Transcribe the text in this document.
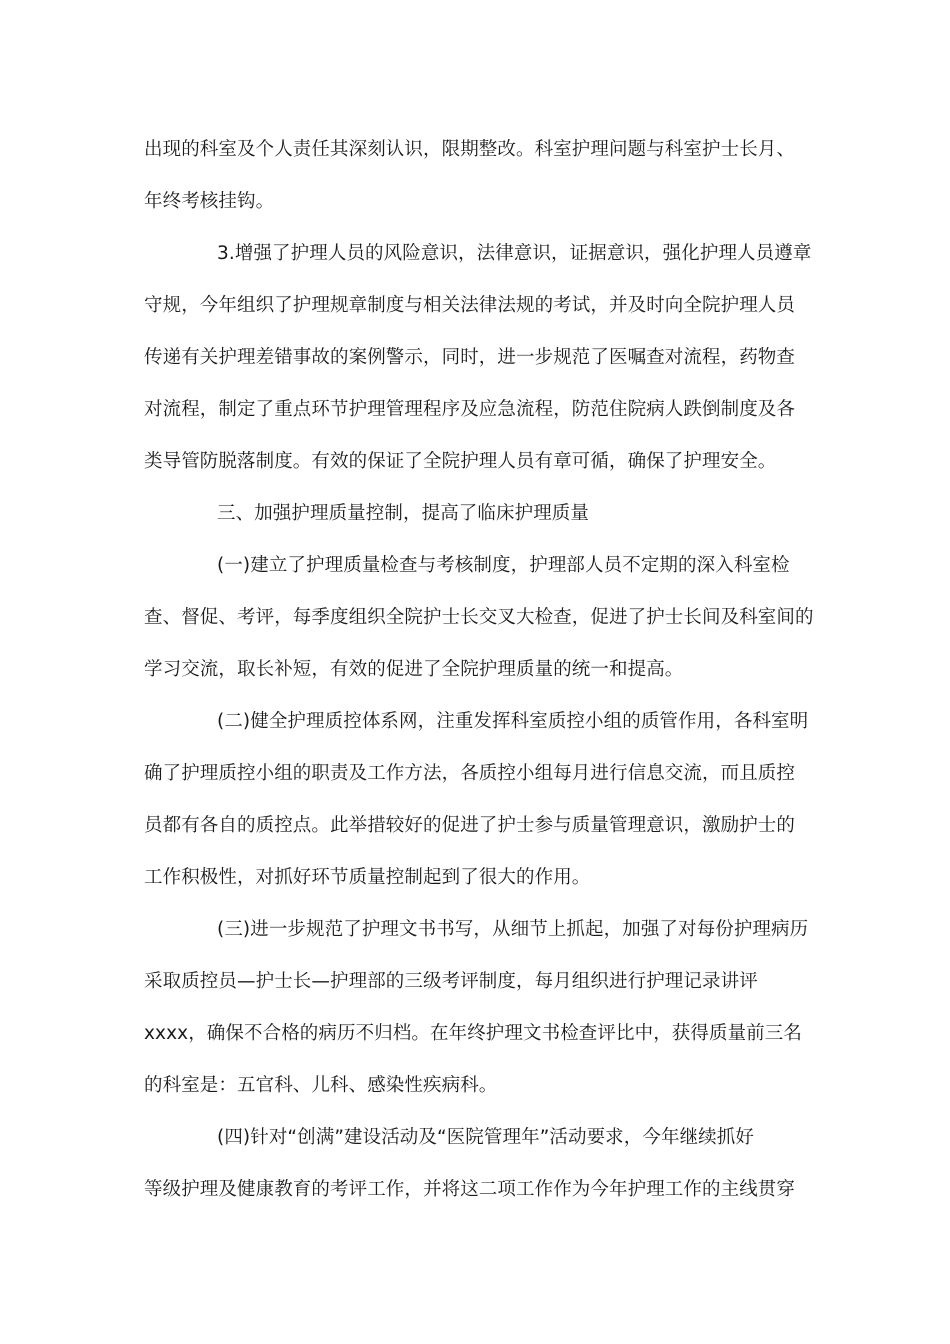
出现的科室及个人责任其深刻认识，限期整改。科室护理问题与科室护士长月、
年终考核挂钩。
3.增强了护理人员的风险意识，法律意识，证据意识，强化护理人员遵章
守规，今年组织了护理规章制度与相关法律法规的考试，并及时向全院护理人员
传递有关护理差错事故的案例警示，同时，进一步规范了医嘱查对流程，药物查
对流程，制定了重点环节护理管理程序及应急流程，防范住院病人跌倒制度及各
类导管防脱落制度。有效的保证了全院护理人员有章可循，确保了护理安全。
三、加强护理质量控制，提高了临床护理质量
(一)建立了护理质量检查与考核制度，护理部人员不定期的深入科室检
查、督促、考评，每季度组织全院护士长交叉大检查，促进了护士长间及科室间的
学习交流，取长补短，有效的促进了全院护理质量的统一和提高。
(二)健全护理质控体系网，注重发挥科室质控小组的质管作用，各科室明
确了护理质控小组的职责及工作方法，各质控小组每月进行信息交流，而且质控
员都有各自的质控点。此举措较好的促进了护士参与质量管理意识，激励护士的
工作积极性，对抓好环节质量控制起到了很大的作用。
(三)进一步规范了护理文书书写，从细节上抓起，加强了对每份护理病历
采取质控员—护士长—护理部的三级考评制度，每月组织进行护理记录讲评
xxxx，确保不合格的病历不归档。在年终护理文书检查评比中，获得质量前三名
的科室是：五官科、儿科、感染性疾病科。
(四)针对“创满”建设活动及“医院管理年”活动要求，今年继续抓好
等级护理及健康教育的考评工作，并将这二项工作作为今年护理工作的主线贯穿
